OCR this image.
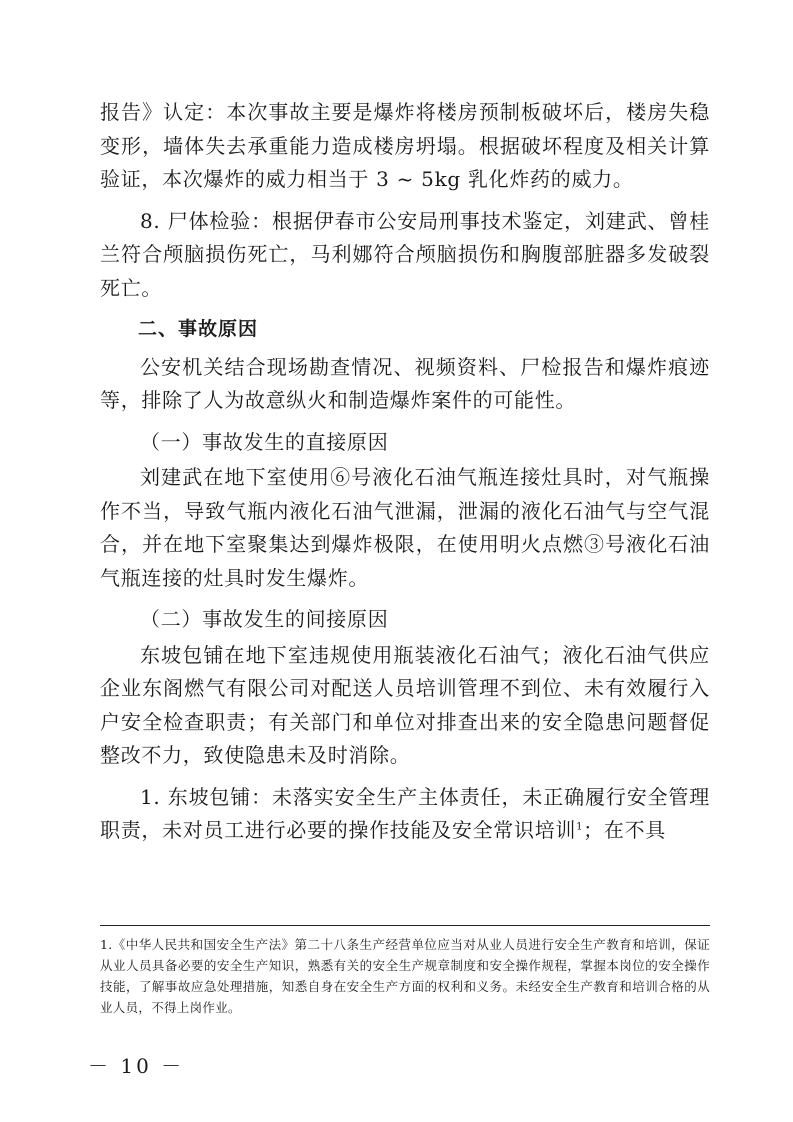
报告》认定：本次事故主要是爆炸将楼房预制板破坏后，楼房失稳变形，墙体失去承重能力造成楼房坍塌。根据破坏程度及相关计算验证，本次爆炸的威力相当于 3 ~ 5kg 乳化炸药的威力。

8. 尸体检验：根据伊春市公安局刑事技术鉴定，刘建武、曾桂兰符合颅脑损伤死亡，马利娜符合颅脑损伤和胸腹部脏器多发破裂死亡。

二、事故原因

公安机关结合现场勘查情况、视频资料、尸检报告和爆炸痕迹等，排除了人为故意纵火和制造爆炸案件的可能性。

（一）事故发生的直接原因

刘建武在地下室使用⑥号液化石油气瓶连接灶具时，对气瓶操作不当，导致气瓶内液化石油气泄漏，泄漏的液化石油气与空气混合，并在地下室聚集达到爆炸极限，在使用明火点燃③号液化石油气瓶连接的灶具时发生爆炸。

（二）事故发生的间接原因

东坡包铺在地下室违规使用瓶装液化石油气；液化石油气供应企业东阁燃气有限公司对配送人员培训管理不到位、未有效履行入户安全检查职责；有关部门和单位对排查出来的安全隐患问题督促整改不力，致使隐患未及时消除。

1. 东坡包铺：未落实安全生产主体责任，未正确履行安全管理职责，未对员工进行必要的操作技能及安全常识培训$^1$；在不具

1.《中华人民共和国安全生产法》第二十八条生产经营单位应当对从业人员进行安全生产教育和培训，保证从业人员具备必要的安全生产知识，熟悉有关的安全生产规章制度和安全操作规程，掌握本岗位的安全操作技能，了解事故应急处理措施，知悉自身在安全生产方面的权利和义务。未经安全生产教育和培训合格的从业人员，不得上岗作业。
－ 10 －
